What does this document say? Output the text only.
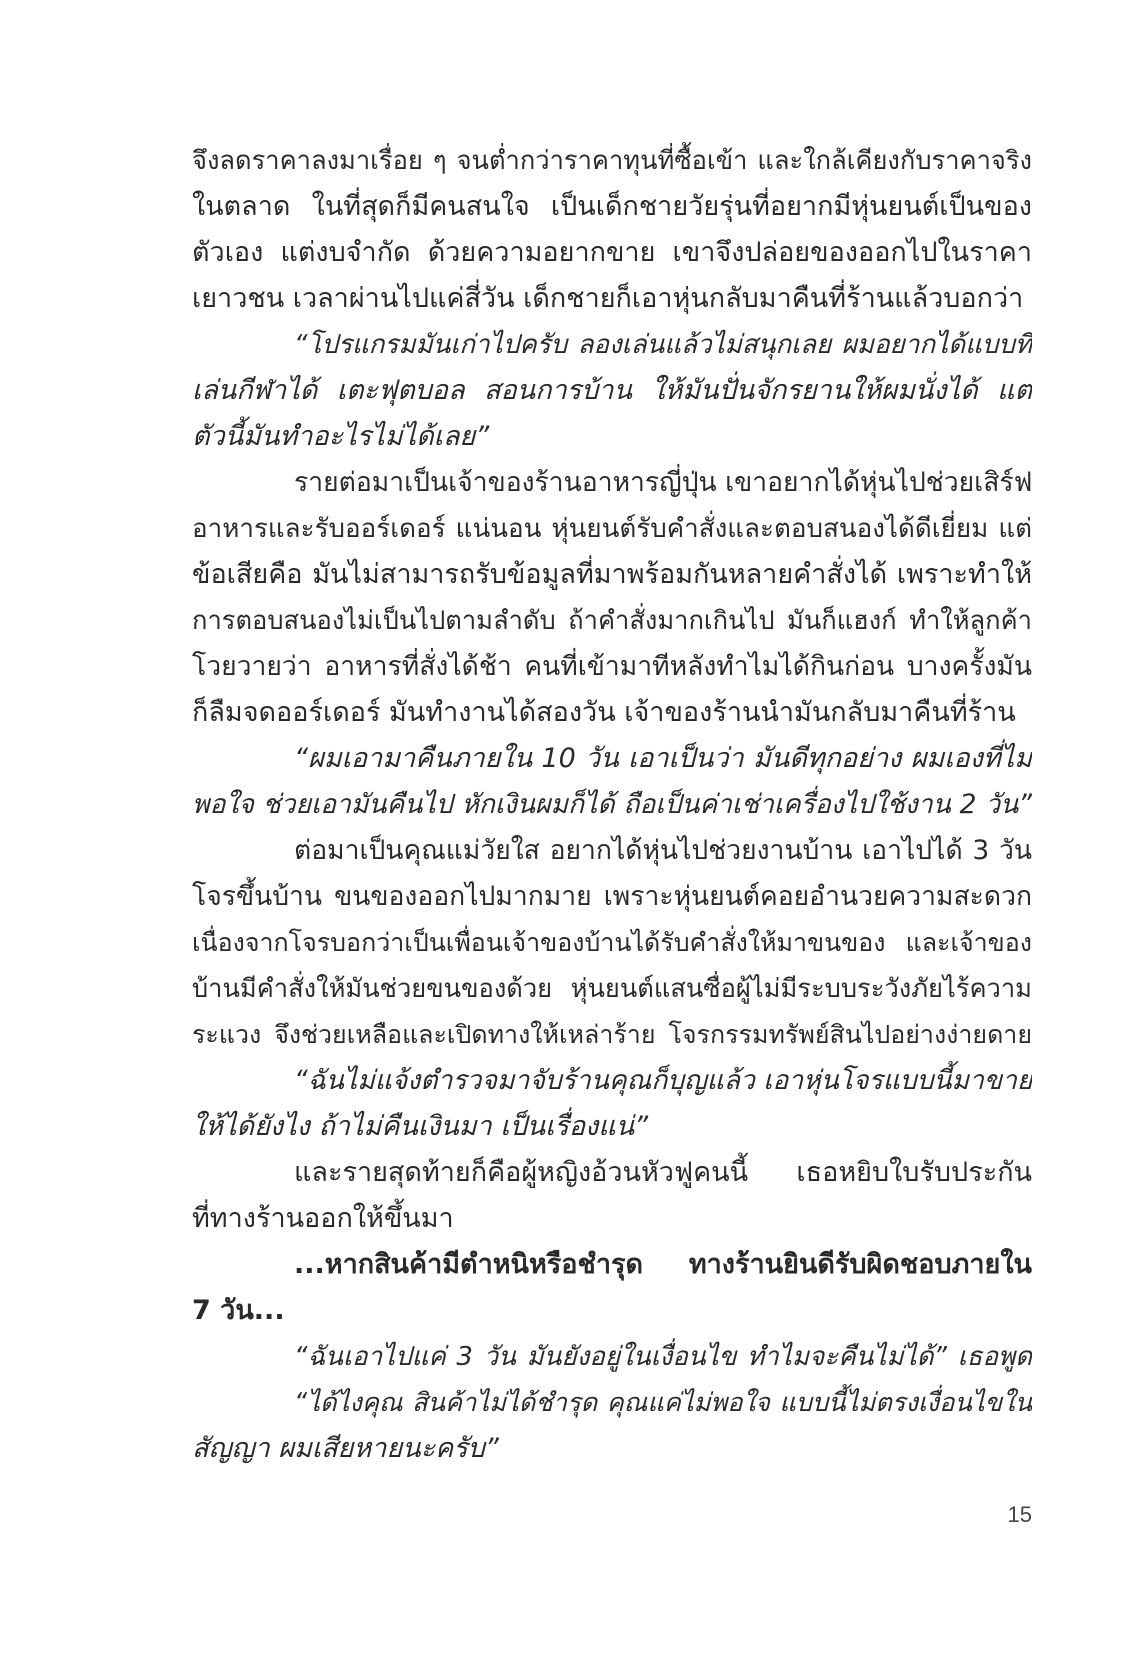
จึงลดราคาลงมาเรื่อย ๆ จนต่ำกว่าราคาทุนที่ซื้อเข้า และใกล้เคียงกับราคาจริง
ในตลาด ในที่สุดก็มีคนสนใจ เป็นเด็กชายวัยรุ่นที่อยากมีหุ่นยนต์เป็นของ
ตัวเอง แต่งบจำกัด ด้วยความอยากขาย เขาจึงปล่อยของออกไปในราคา
เยาวชน เวลาผ่านไปแค่สี่วัน เด็กชายก็เอาหุ่นกลับมาคืนที่ร้านแล้วบอกว่า
“โปรแกรมมันเก่าไปครับ ลองเล่นแล้วไม่สนุกเลย ผมอยากได้แบบที่
เล่นกีฬาได้ เตะฟุตบอล สอนการบ้าน ให้มันปั่นจักรยานให้ผมนั่งได้ แต่
ตัวนี้มันทำอะไรไม่ได้เลย”
รายต่อมาเป็นเจ้าของร้านอาหารญี่ปุ่น เขาอยากได้หุ่นไปช่วยเสิร์ฟ
อาหารและรับออร์เดอร์ แน่นอน หุ่นยนต์รับคำสั่งและตอบสนองได้ดีเยี่ยม แต่
ข้อเสียคือ มันไม่สามารถรับข้อมูลที่มาพร้อมกันหลายคำสั่งได้ เพราะทำให้
การตอบสนองไม่เป็นไปตามลำดับ ถ้าคำสั่งมากเกินไป มันก็แฮงก์ ทำให้ลูกค้า
โวยวายว่า อาหารที่สั่งได้ช้า คนที่เข้ามาทีหลังทำไมได้กินก่อน บางครั้งมัน
ก็ลืมจดออร์เดอร์ มันทำงานได้สองวัน เจ้าของร้านนำมันกลับมาคืนที่ร้าน
“ผมเอามาคืนภายใน 10 วัน เอาเป็นว่า มันดีทุกอย่าง ผมเองที่ไม่
พอใจ ช่วยเอามันคืนไป หักเงินผมก็ได้ ถือเป็นค่าเช่าเครื่องไปใช้งาน 2 วัน”
ต่อมาเป็นคุณแม่วัยใส อยากได้หุ่นไปช่วยงานบ้าน เอาไปได้ 3 วัน
โจรขึ้นบ้าน ขนของออกไปมากมาย เพราะหุ่นยนต์คอยอำนวยความสะดวก
เนื่องจากโจรบอกว่าเป็นเพื่อนเจ้าของบ้านได้รับคำสั่งให้มาขนของ และเจ้าของ
บ้านมีคำสั่งให้มันช่วยขนของด้วย หุ่นยนต์แสนซื่อผู้ไม่มีระบบระวังภัยไร้ความ
ระแวง จึงช่วยเหลือและเปิดทางให้เหล่าร้าย โจรกรรมทรัพย์สินไปอย่างง่ายดาย
“ฉันไม่แจ้งตำรวจมาจับร้านคุณก็บุญแล้ว เอาหุ่นโจรแบบนี้มาขาย
ให้ได้ยังไง ถ้าไม่คืนเงินมา เป็นเรื่องแน่”
และรายสุดท้ายก็คือผู้หญิงอ้วนหัวฟูคนนี้ เธอหยิบใบรับประกัน
ที่ทางร้านออกให้ขึ้นมา
...หากสินค้ามีตำหนิหรือชำรุด ทางร้านยินดีรับผิดชอบภายใน
7 วัน...
“ฉันเอาไปแค่ 3 วัน มันยังอยู่ในเงื่อนไข ทำไมจะคืนไม่ได้” เธอพูด
“ได้ไงคุณ สินค้าไม่ได้ชำรุด คุณแค่ไม่พอใจ แบบนี้ไม่ตรงเงื่อนไขใน
สัญญา ผมเสียหายนะครับ”
15
